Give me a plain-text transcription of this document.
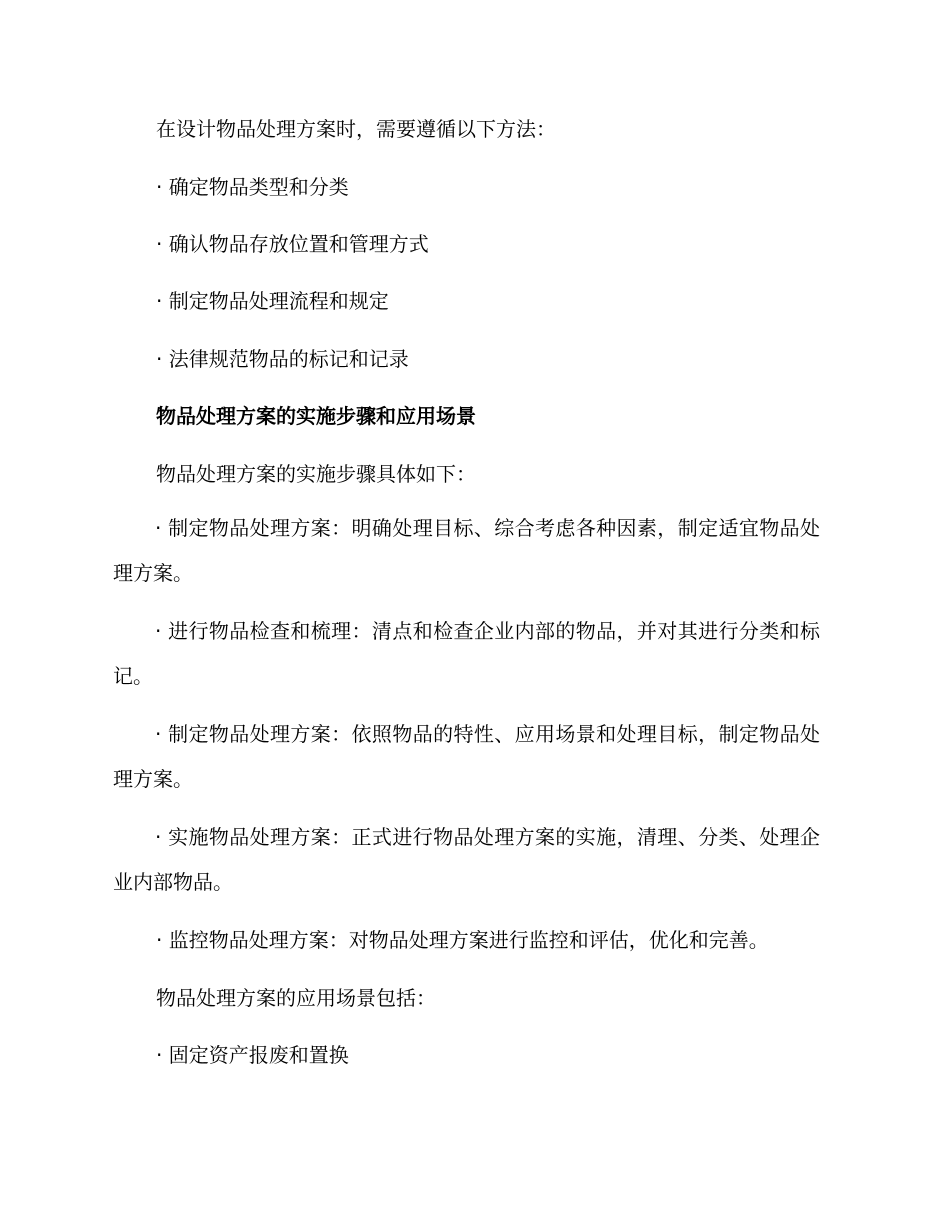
在设计物品处理方案时，需要遵循以下方法：

· 确定物品类型和分类

· 确认物品存放位置和管理方式

· 制定物品处理流程和规定

· 法律规范物品的标记和记录

物品处理方案的实施步骤和应用场景

物品处理方案的实施步骤具体如下：

· 制定物品处理方案：明确处理目标、综合考虑各种因素，制定适宜物品处理方案。

· 进行物品检查和梳理：清点和检查企业内部的物品，并对其进行分类和标记。

· 制定物品处理方案：依照物品的特性、应用场景和处理目标，制定物品处理方案。

· 实施物品处理方案：正式进行物品处理方案的实施，清理、分类、处理企业内部物品。

· 监控物品处理方案：对物品处理方案进行监控和评估，优化和完善。

物品处理方案的应用场景包括：

· 固定资产报废和置换
